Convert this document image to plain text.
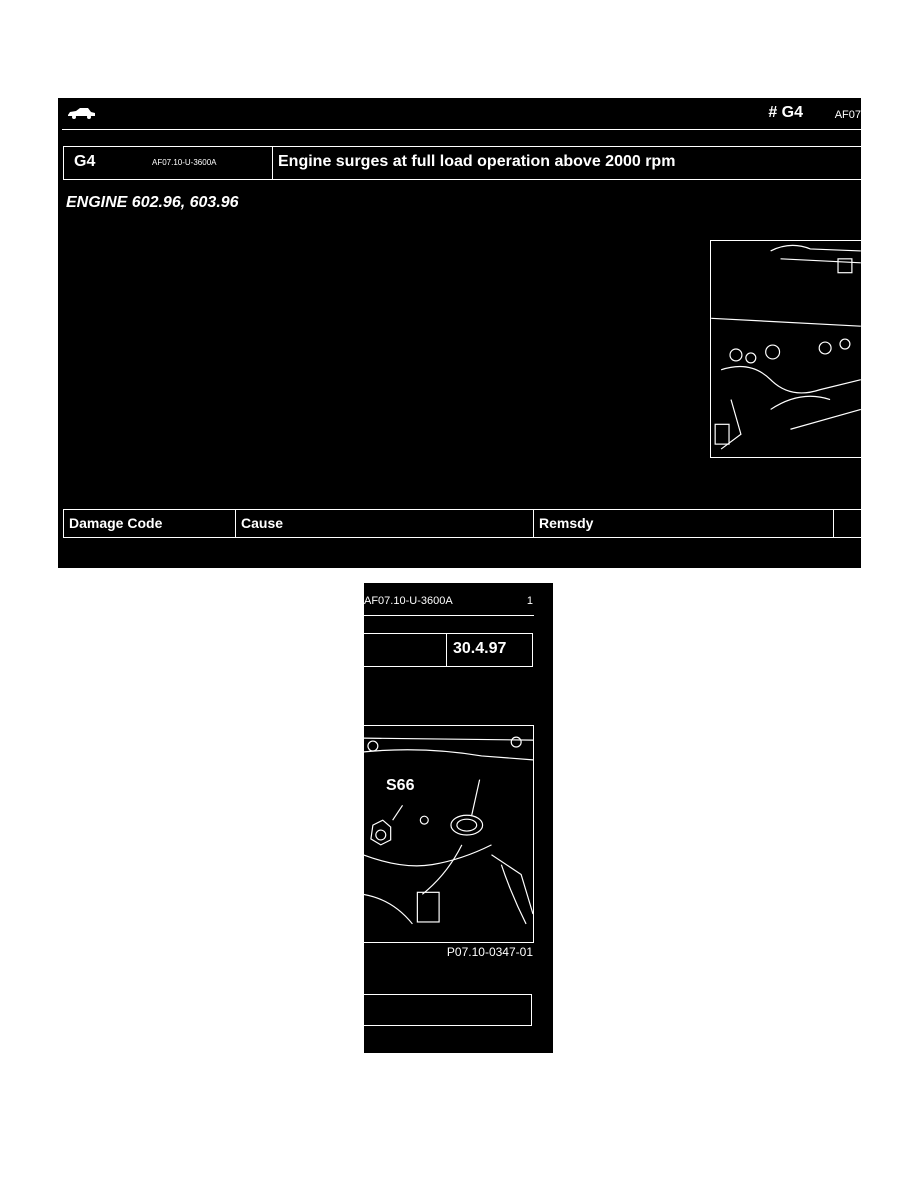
# G4	AF07
G4	AF07.10-U-3600A	Engine surges at full load operation above 2000 rpm
ENGINE 602.96, 603.96
Damage Code	Cause	Remsdy
AF07.10-U-3600A	1
30.4.97
S66
P07.10-0347-01
